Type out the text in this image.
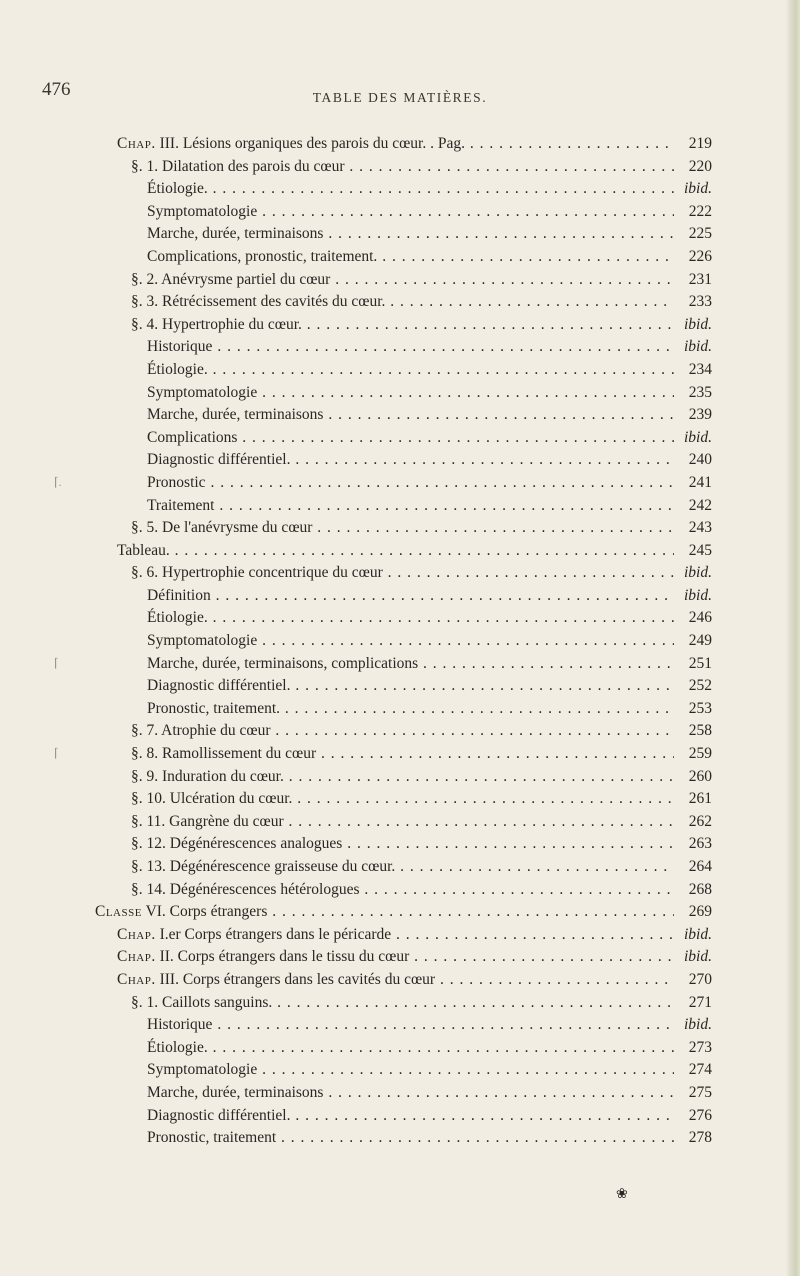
476	TABLE DES MATIÈRES.
Chap. III. Lésions organiques des parois du cœur. . Pag. . . .	219
§. 1. Dilatation des parois du cœur . . .	220
Étiologie. . . .	ibid.
Symptomatologie . . .	222
Marche, durée, terminaisons . . .	225
Complications, pronostic, traitement. . . .	226
§. 2. Anévrysme partiel du cœur . . .	231
§. 3. Rétrécissement des cavités du cœur. . . .	233
§. 4. Hypertrophie du cœur. . . .	ibid.
Historique . . .	ibid.
Étiologie. . . .	234
Symptomatologie . . .	235
Marche, durée, terminaisons . . .	239
Complications . . .	ibid.
Diagnostic différentiel. . . .	240
Pronostic . . .	241
Traitement . . .	242
§. 5. De l'anévrysme du cœur . . .	243
Tableau. . . .	245
§. 6. Hypertrophie concentrique du cœur . . .	ibid.
Définition . . .	ibid.
Étiologie. . . .	246
Symptomatologie . . .	249
Marche, durée, terminaisons, complications . . .	251
Diagnostic différentiel. . . .	252
Pronostic, traitement. . . .	253
§. 7. Atrophie du cœur . . .	258
§. 8. Ramollissement du cœur . . .	259
§. 9. Induration du cœur. . . .	260
§. 10. Ulcération du cœur. . . .	261
§. 11. Gangrène du cœur . . .	262
§. 12. Dégénérescences analogues . . .	263
§. 13. Dégénérescence graisseuse du cœur. . . .	264
§. 14. Dégénérescences hétérologues . . .	268
Classe VI. Corps étrangers . . .	269
Chap. I.er Corps étrangers dans le péricarde . . .	ibid.
Chap. II. Corps étrangers dans le tissu du cœur . . .	ibid.
Chap. III. Corps étrangers dans les cavités du cœur . . .	270
§. 1. Caillots sanguins. . . .	271
Historique . . .	ibid.
Étiologie. . . .	273
Symptomatologie . . .	274
Marche, durée, terminaisons . . .	275
Diagnostic différentiel. . . .	276
Pronostic, traitement . . .	278
⌈.
⌈
⌈
❀
